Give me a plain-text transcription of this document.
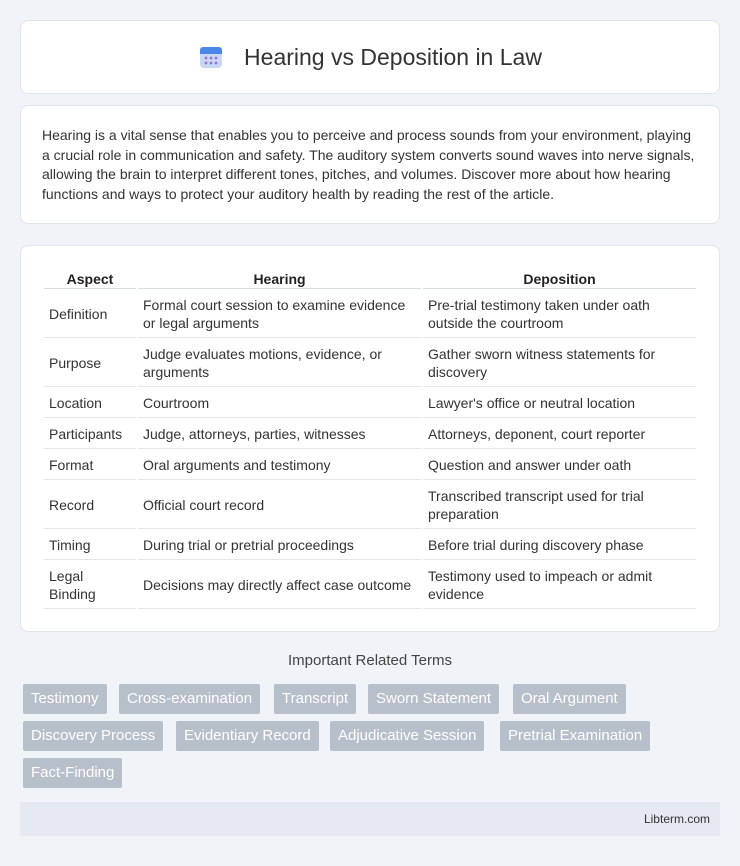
Hearing vs Deposition in Law

Hearing is a vital sense that enables you to perceive and process sounds from your environment, playing a crucial role in communication and safety. The auditory system converts sound waves into nerve signals, allowing the brain to interpret different tones, pitches, and volumes. Discover more about how hearing functions and ways to protect your auditory health by reading the rest of the article.

Aspect	Hearing	Deposition
Definition	Formal court session to examine evidence or legal arguments	Pre-trial testimony taken under oath outside the courtroom
Purpose	Judge evaluates motions, evidence, or arguments	Gather sworn witness statements for discovery
Location	Courtroom	Lawyer's office or neutral location
Participants	Judge, attorneys, parties, witnesses	Attorneys, deponent, court reporter
Format	Oral arguments and testimony	Question and answer under oath
Record	Official court record	Transcribed transcript used for trial preparation
Timing	During trial or pretrial proceedings	Before trial during discovery phase
Legal Binding	Decisions may directly affect case outcome	Testimony used to impeach or admit evidence
Important Related Terms
Testimony	Cross-examination	Transcript	Sworn Statement	Oral Argument
Discovery Process	Evidentiary Record	Adjudicative Session	Pretrial Examination
Fact-Finding
Libterm.com
